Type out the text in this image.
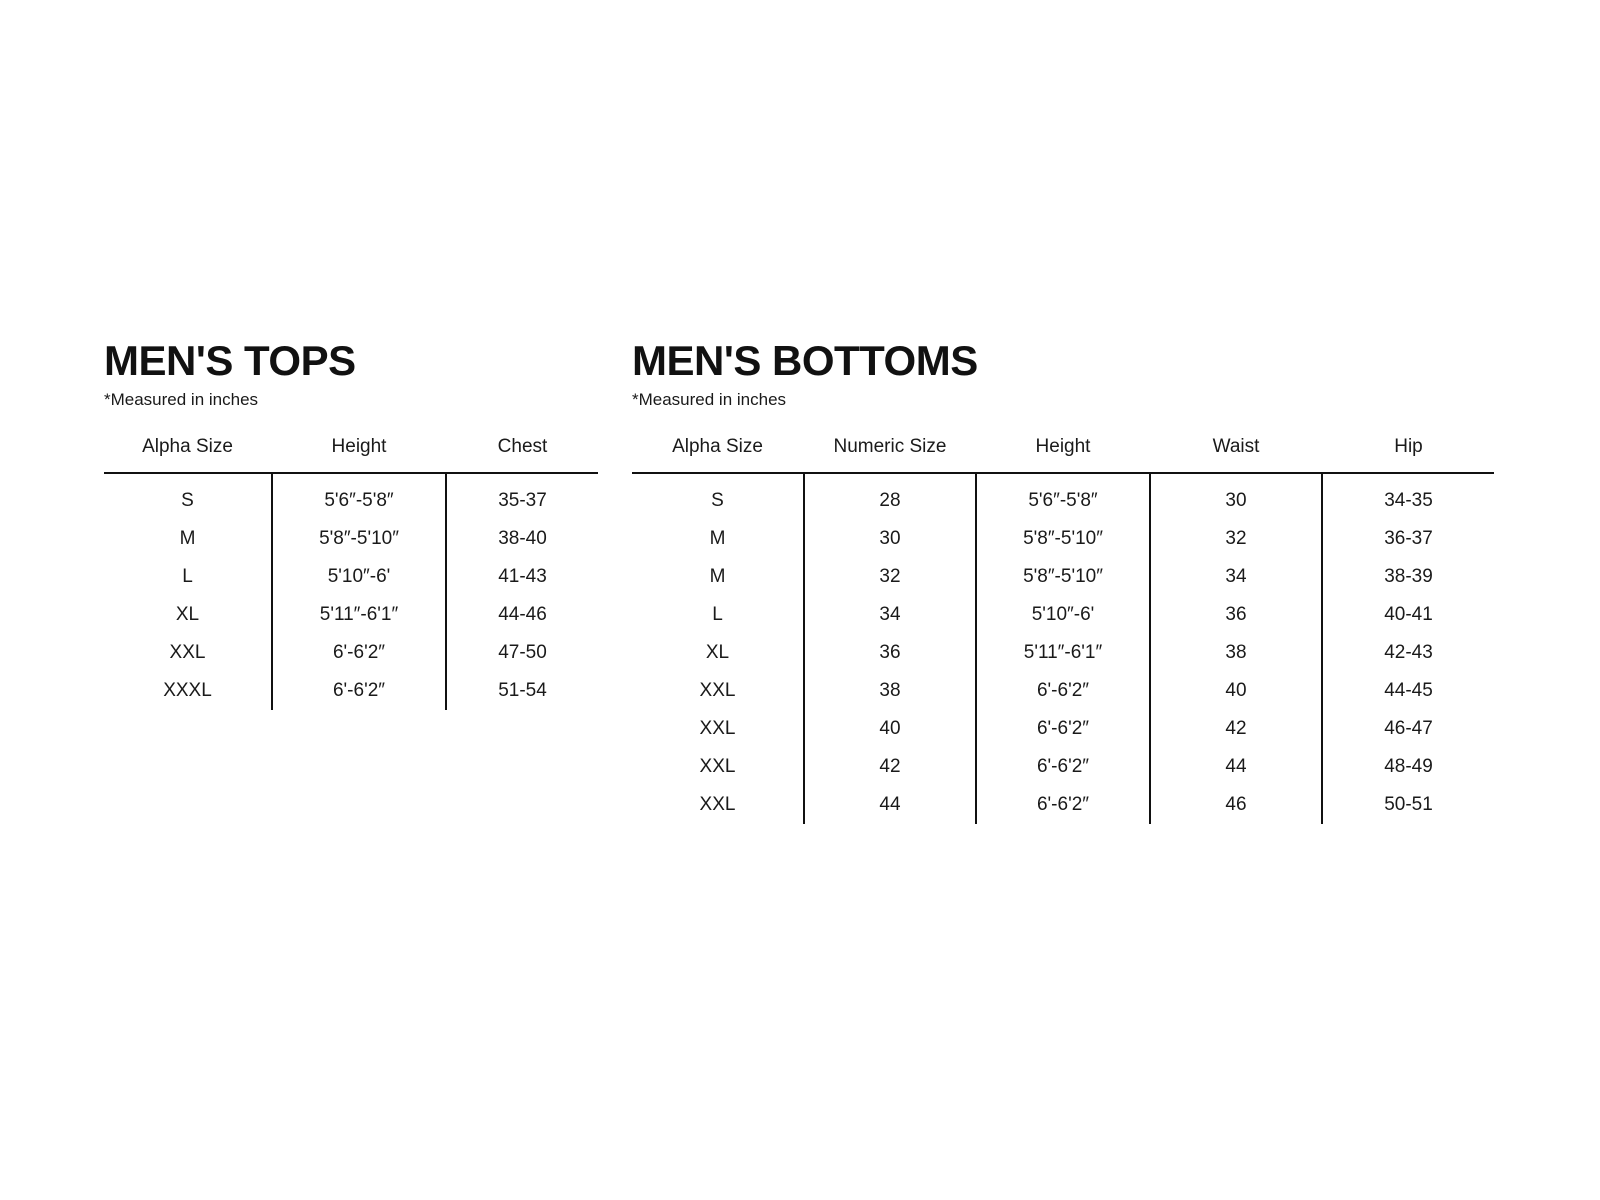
MEN'S TOPS

*Measured in inches

Alpha Size	Height	Chest
S	5'6″-5'8″	35-37
M	5'8″-5'10″	38-40
L	5'10″-6'	41-43
XL	5'11″-6'1″	44-46
XXL	6'-6'2″	47-50
XXXL	6'-6'2″	51-54
MEN'S BOTTOMS

*Measured in inches

Alpha Size	Numeric Size	Height	Waist	Hip
S	28	5'6″-5'8″	30	34-35
M	30	5'8″-5'10″	32	36-37
M	32	5'8″-5'10″	34	38-39
L	34	5'10″-6'	36	40-41
XL	36	5'11″-6'1″	38	42-43
XXL	38	6'-6'2″	40	44-45
XXL	40	6'-6'2″	42	46-47
XXL	42	6'-6'2″	44	48-49
XXL	44	6'-6'2″	46	50-51
